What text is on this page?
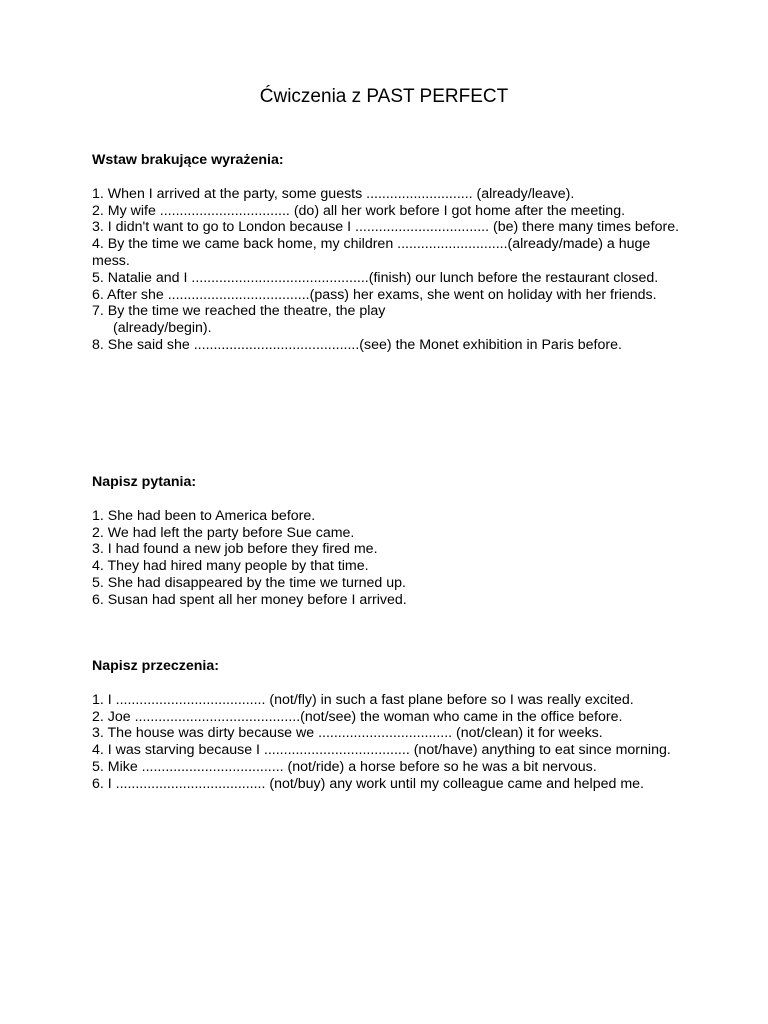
Ćwiczenia z PAST PERFECT
Wstaw brakujące wyrażenia:
1. When I arrived at the party, some guests ........................... (already/leave).
2. My wife ................................. (do) all her work before I got home after the meeting.
3. I didn't want to go to London because I .................................. (be) there many times before.
4. By the time we came back home, my children ............................(already/made) a huge mess.
5. Natalie and I .............................................(finish) our lunch before the restaurant closed.
6. After she ....................................(pass) her exams, she went on holiday with her friends.
7. By the time we reached the theatre, the play
(already/begin).
8. She said she ..........................................(see) the Monet exhibition in Paris before.
Napisz pytania:
1. She had been to America before.
2. We had left the party before Sue came.
3. I had found a new job before they fired me.
4. They had hired many people by that time.
5. She had disappeared by the time we turned up.
6. Susan had spent all her money before I arrived.
Napisz przeczenia:
1. I ...................................... (not/fly) in such a fast plane before so I was really excited.
2. Joe ..........................................(not/see) the woman who came in the office before.
3. The house was dirty because we .................................. (not/clean) it for weeks.
4. I was starving because I ..................................... (not/have) anything to eat since morning.
5. Mike .................................... (not/ride) a horse before so he was a bit nervous.
6. I ...................................... (not/buy) any work until my colleague came and helped me.
